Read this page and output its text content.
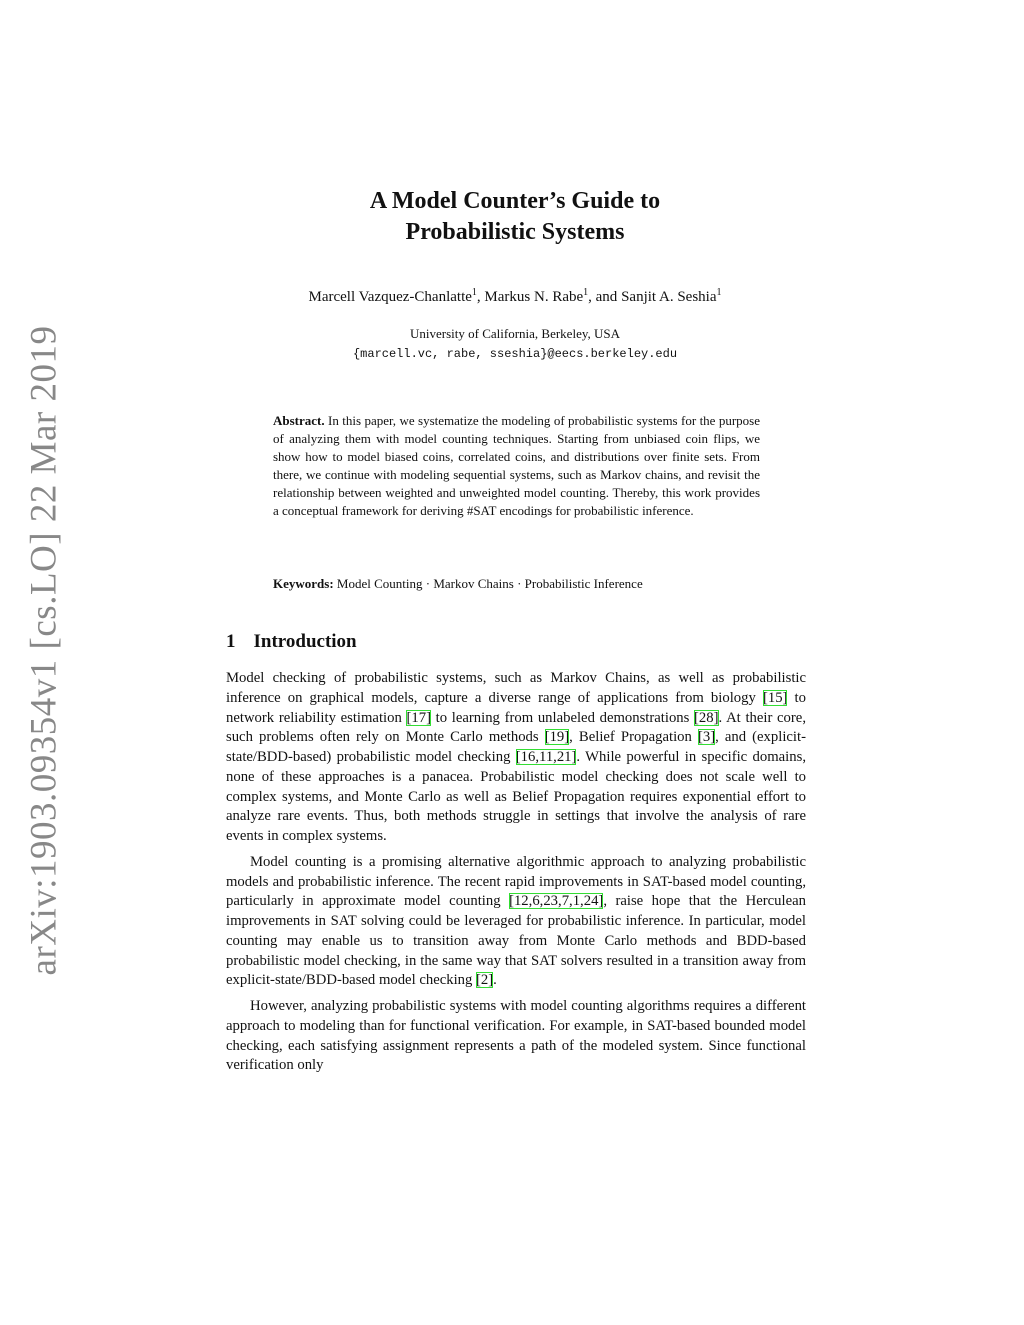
arXiv:1903.09354v1 [cs.LO] 22 Mar 2019
A Model Counter’s Guide to
Probabilistic Systems
Marcell Vazquez-Chanlatte$^1$, Markus N. Rabe$^1$, and Sanjit A. Seshia$^1$
University of California, Berkeley, USA
{marcell.vc, rabe, sseshia}@eecs.berkeley.edu
Abstract. In this paper, we systematize the modeling of probabilistic systems for the purpose of analyzing them with model counting techniques. Starting from unbiased coin flips, we show how to model biased coins, correlated coins, and distributions over finite sets. From there, we continue with modeling sequential systems, such as Markov chains, and revisit the relationship between weighted and unweighted model counting. Thereby, this work provides a conceptual framework for deriving #SAT encodings for probabilistic inference.
Keywords: Model Counting · Markov Chains · Probabilistic Inference
1 Introduction

Model checking of probabilistic systems, such as Markov Chains, as well as probabilistic inference on graphical models, capture a diverse range of applications from biology [15] to network reliability estimation [17] to learning from unlabeled demonstrations [28]. At their core, such problems often rely on Monte Carlo methods [19], Belief Propagation [3], and (explicit-state/BDD-based) probabilistic model checking [16,11,21]. While powerful in specific domains, none of these approaches is a panacea. Probabilistic model checking does not scale well to complex systems, and Monte Carlo as well as Belief Propagation requires exponential effort to analyze rare events. Thus, both methods struggle in settings that involve the analysis of rare events in complex systems.

Model counting is a promising alternative algorithmic approach to analyzing probabilistic models and probabilistic inference. The recent rapid improvements in SAT-based model counting, particularly in approximate model counting [12,6,23,7,1,24], raise hope that the Herculean improvements in SAT solving could be leveraged for probabilistic inference. In particular, model counting may enable us to transition away from Monte Carlo methods and BDD-based probabilistic model checking, in the same way that SAT solvers resulted in a transition away from explicit-state/BDD-based model checking [2].

However, analyzing probabilistic systems with model counting algorithms requires a different approach to modeling than for functional verification. For example, in SAT-based bounded model checking, each satisfying assignment represents a path of the modeled system. Since functional verification only
